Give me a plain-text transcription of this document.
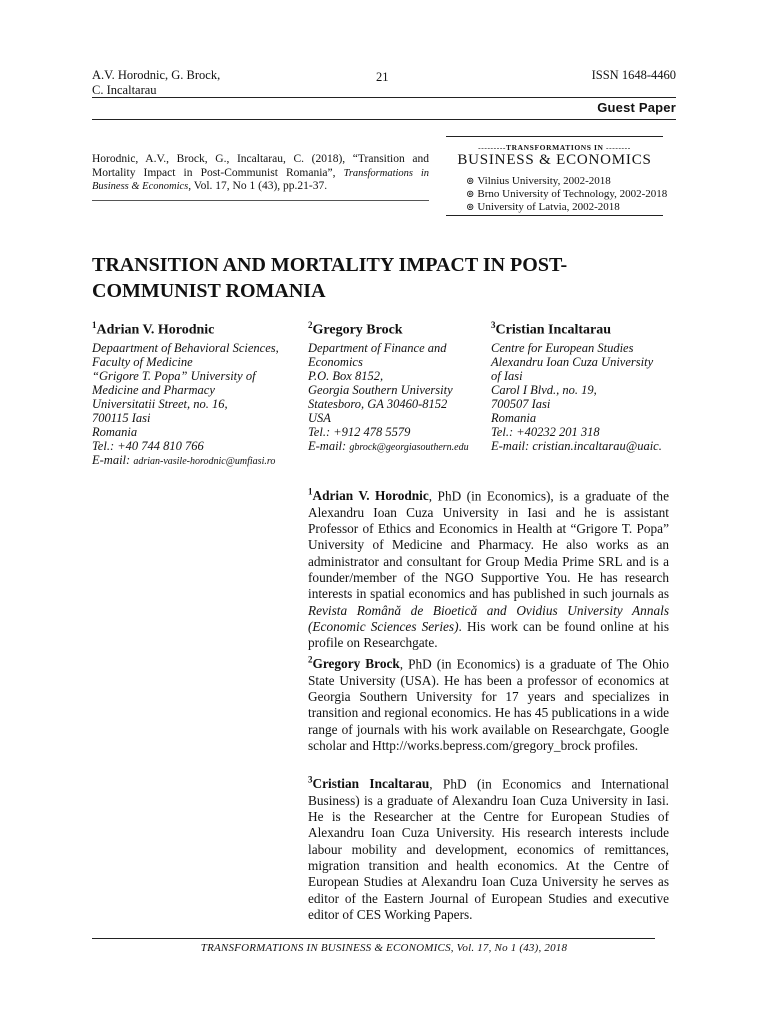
A.V. Horodnic, G. Brock,
C. Incaltarau
21	ISSN 1648-4460
Guest Paper
Horodnic, A.V., Brock, G., Incaltarau, C. (2018), “Transition and Mortality Impact in Post-Communist Romania”, Transformations in Business & Economics, Vol. 17, No 1 (43), pp.21-37.
---------TRANSFORMATIONS IN --------
BUSINESS & ECONOMICS
⊚ Vilnius University, 2002-2018
⊚ Brno University of Technology, 2002-2018
⊚ University of Latvia, 2002-2018
TRANSITION AND MORTALITY IMPACT IN POST-
COMMUNIST ROMANIA
$^1$Adrian V. Horodnic
Depaartment of Behavioral Sciences,
Faculty of Medicine
“Grigore T. Popa” University of
Medicine and Pharmacy
Universitatii Street, no. 16,
700115 Iasi
Romania
Tel.: +40 744 810 766
E-mail: adrian-vasile-horodnic@umfiasi.ro
$^2$Gregory Brock
Department of Finance and
Economics
P.O. Box 8152,
Georgia Southern University
Statesboro, GA 30460-8152
USA
Tel.: +912 478 5579
E-mail: gbrock@georgiasouthern.edu
$^3$Cristian Incaltarau
Centre for European Studies
Alexandru Ioan Cuza University
of Iasi
Carol I Blvd., no. 19,
700507 Iasi
Romania
Tel.: +40232 201 318
E-mail: cristian.incaltarau@uaic.
$^1$Adrian V. Horodnic, PhD (in Economics), is a graduate of the Alexandru Ioan Cuza University in Iasi and he is assistant Professor of Ethics and Economics in Health at “Grigore T. Popa” University of Medicine and Pharmacy. He also works as an administrator and consultant for Group Media Prime SRL and is a founder/member of the NGO Supportive You. He has research interests in spatial economics and has published in such journals as Revista Română de Bioetică and Ovidius University Annals (Economic Sciences Series). His work can be found online at his profile on Researchgate.
$^2$Gregory Brock, PhD (in Economics) is a graduate of The Ohio State University (USA). He has been a professor of economics at Georgia Southern University for 17 years and specializes in transition and regional economics. He has 45 publications in a wide range of journals with his work available on Researchgate, Google scholar and Http://works.bepress.com/gregory_brock profiles.
$^3$Cristian Incaltarau, PhD (in Economics and International Business) is a graduate of Alexandru Ioan Cuza University in Iasi. He is the Researcher at the Centre for European Studies of Alexandru Ioan Cuza University. His research interests include labour mobility and development, economics of remittances, migration transition and health economics. At the Centre of European Studies at Alexandru Ioan Cuza University he serves as editor of the Eastern Journal of European Studies and executive editor of CES Working Papers.
TRANSFORMATIONS IN BUSINESS & ECONOMICS, Vol. 17, No 1 (43), 2018
